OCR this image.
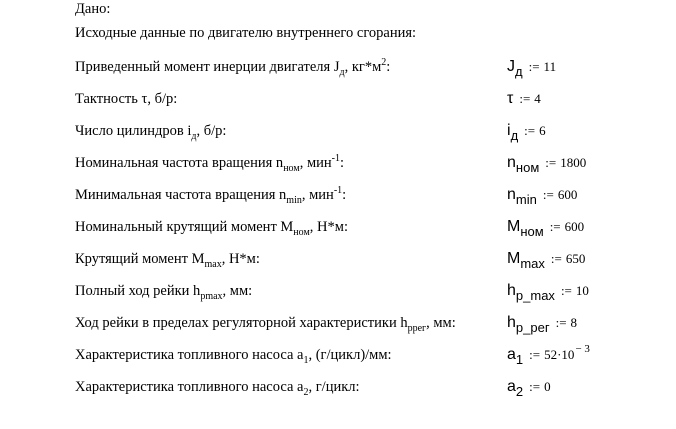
Дано:
Исходные данные по двигателю внутреннего сгорания:
Приведенный момент инерции двигателя $J_д$, $кг*м^2$:	$J_д$ := 11
Тактность τ, б/р:	τ := 4
Число цилиндров $i_д$, б/р:	$i_д$ := 6
Номинальная частота вращения $n_{ном}$, мин$^{-1}$:	$n_{ном}$ := 1800
Минимальная частота вращения $n_{min}$, мин$^{-1}$:	$n_{min}$ := 600
Номинальный крутящий момент $M_{ном}$, Н*м:	$M_{ном}$ := 600
Крутящий момент $M_{max}$, Н*м:	$M_{max}$ := 650
Полный ход рейки $h_{pmax}$, мм:	$h_{p\_max}$ := 10
Ход рейки в пределах регуляторной характеристики $h_{pрег}$, мм:	$h_{p\_рег}$ := 8
Характеристика топливного насоса $a_1$, (г/цикл)/мм:	$a_1$ := $52\cdot 10^{- 3}$
Характеристика топливного насоса $a_2$, г/цикл:	$a_2$ := 0
